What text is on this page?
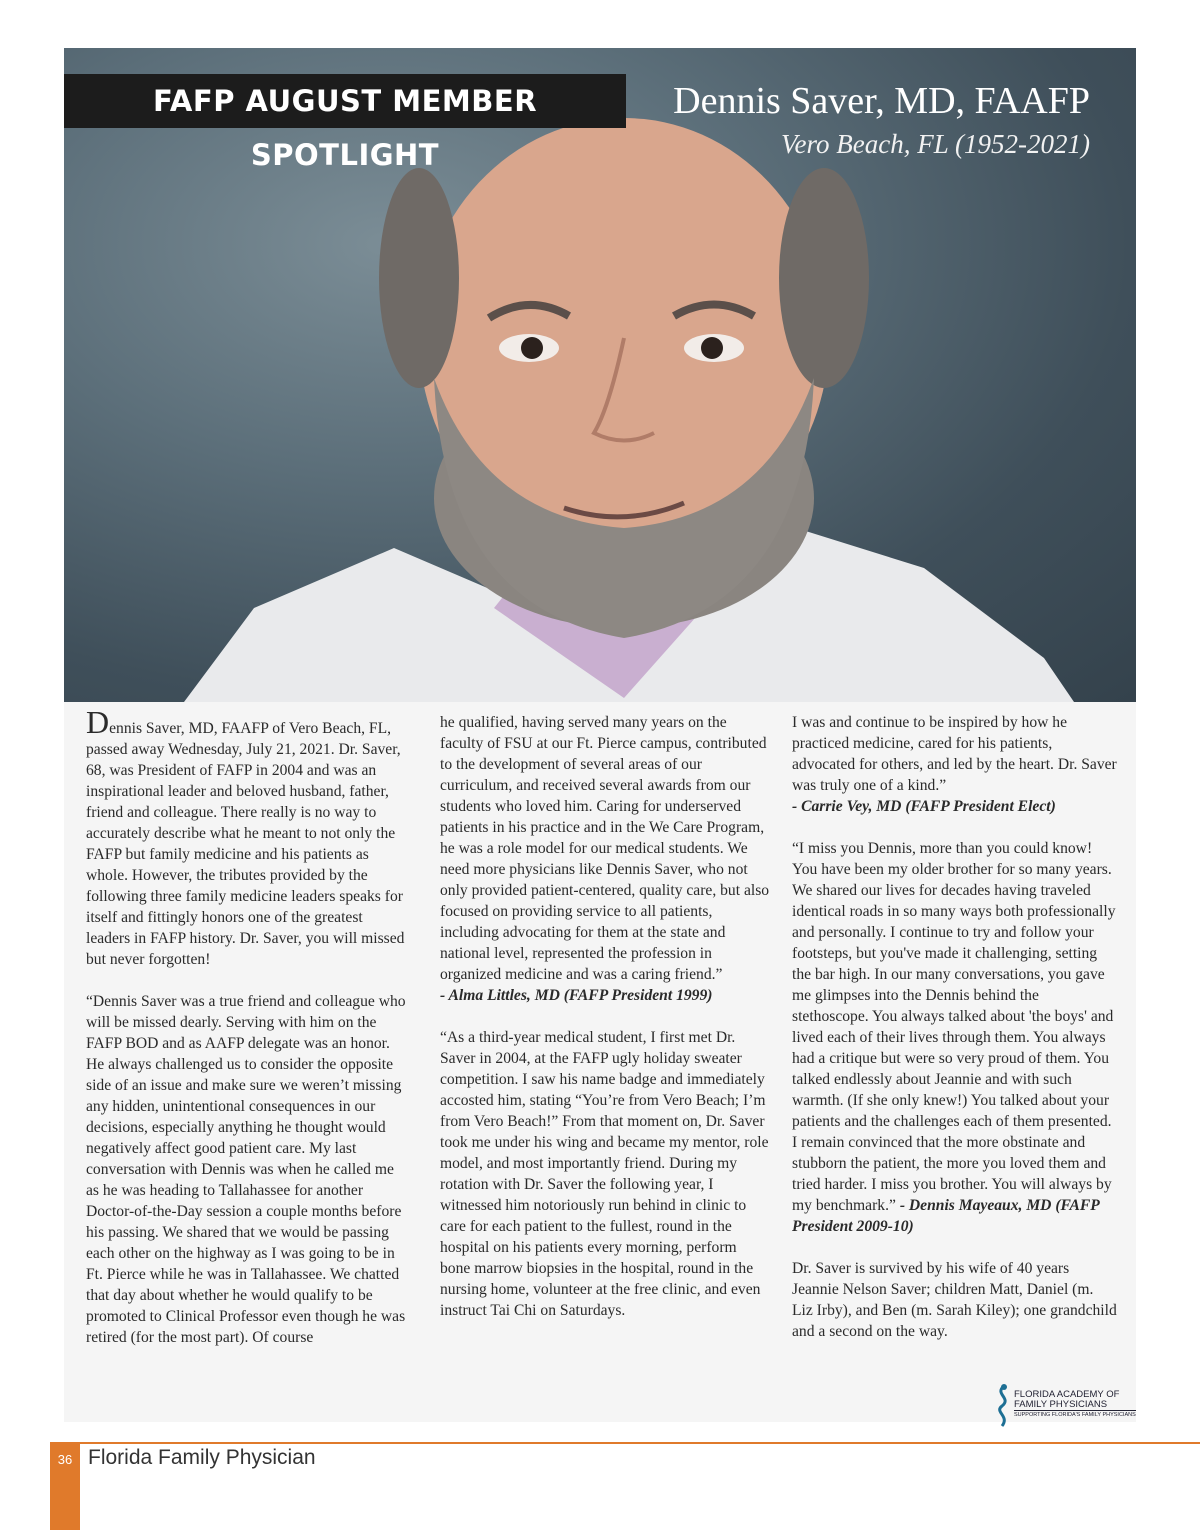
FAFP AUGUST MEMBER SPOTLIGHT
Dennis Saver, MD, FAAFP
Vero Beach, FL (1952-2021)

Dennis Saver, MD, FAAFP of Vero Beach, FL, passed away Wednesday, July 21, 2021. Dr. Saver, 68, was President of FAFP in 2004 and was an inspirational leader and beloved husband, father, friend and colleague. There really is no way to accurately describe what he meant to not only the FAFP but family medicine and his patients as whole. However, the tributes provided by the following three family medicine leaders speaks for itself and fittingly honors one of the greatest leaders in FAFP history. Dr. Saver, you will missed but never forgotten!

“Dennis Saver was a true friend and colleague who will be missed dearly. Serving with him on the FAFP BOD and as AAFP delegate was an honor. He always challenged us to consider the opposite side of an issue and make sure we weren’t missing any hidden, unintentional consequences in our decisions, especially anything he thought would negatively affect good patient care. My last conversation with Dennis was when he called me as he was heading to Tallahassee for another Doctor-of-the-Day session a couple months before his passing. We shared that we would be passing each other on the highway as I was going to be in Ft. Pierce while he was in Tallahassee. We chatted that day about whether he would qualify to be promoted to Clinical Professor even though he was retired (for the most part). Of course

he qualified, having served many years on the faculty of FSU at our Ft. Pierce campus, contributed to the development of several areas of our curriculum, and received several awards from our students who loved him. Caring for underserved patients in his practice and in the We Care Program, he was a role model for our medical students. We need more physicians like Dennis Saver, who not only provided patient-centered, quality care, but also focused on providing service to all patients, including advocating for them at the state and national level, represented the profession in organized medicine and was a caring friend.”

- Alma Littles, MD (FAFP President 1999)

“As a third-year medical student, I first met Dr. Saver in 2004, at the FAFP ugly holiday sweater competition. I saw his name badge and immediately accosted him, stating “You’re from Vero Beach; I’m from Vero Beach!” From that moment on, Dr. Saver took me under his wing and became my mentor, role model, and most importantly friend. During my rotation with Dr. Saver the following year, I witnessed him notoriously run behind in clinic to care for each patient to the fullest, round in the hospital on his patients every morning, perform bone marrow biopsies in the hospital, round in the nursing home, volunteer at the free clinic, and even instruct Tai Chi on Saturdays.

I was and continue to be inspired by how he practiced medicine, cared for his patients, advocated for others, and led by the heart. Dr. Saver was truly one of a kind.”

- Carrie Vey, MD (FAFP President Elect)

“I miss you Dennis, more than you could know! You have been my older brother for so many years. We shared our lives for decades having traveled identical roads in so many ways both professionally and personally. I continue to try and follow your footsteps, but you've made it challenging, setting the bar high. In our many conversations, you gave me glimpses into the Dennis behind the stethoscope. You always talked about 'the boys' and lived each of their lives through them. You always had a critique but were so very proud of them. You talked endlessly about Jeannie and with such warmth. (If she only knew!) You talked about your patients and the challenges each of them presented. I remain convinced that the more obstinate and stubborn the patient, the more you loved them and tried harder. I miss you brother. You will always by my benchmark.” - Dennis Mayeaux, MD (FAFP President 2009-10)

Dr. Saver is survived by his wife of 40 years Jeannie Nelson Saver; children Matt, Daniel (m. Liz Irby), and Ben (m. Sarah Kiley); one grandchild and a second on the way.

FLORIDA ACADEMY OF
FAMILY PHYSICIANS
SUPPORTING FLORIDA'S FAMILY PHYSICIANS
36 Florida Family Physician
